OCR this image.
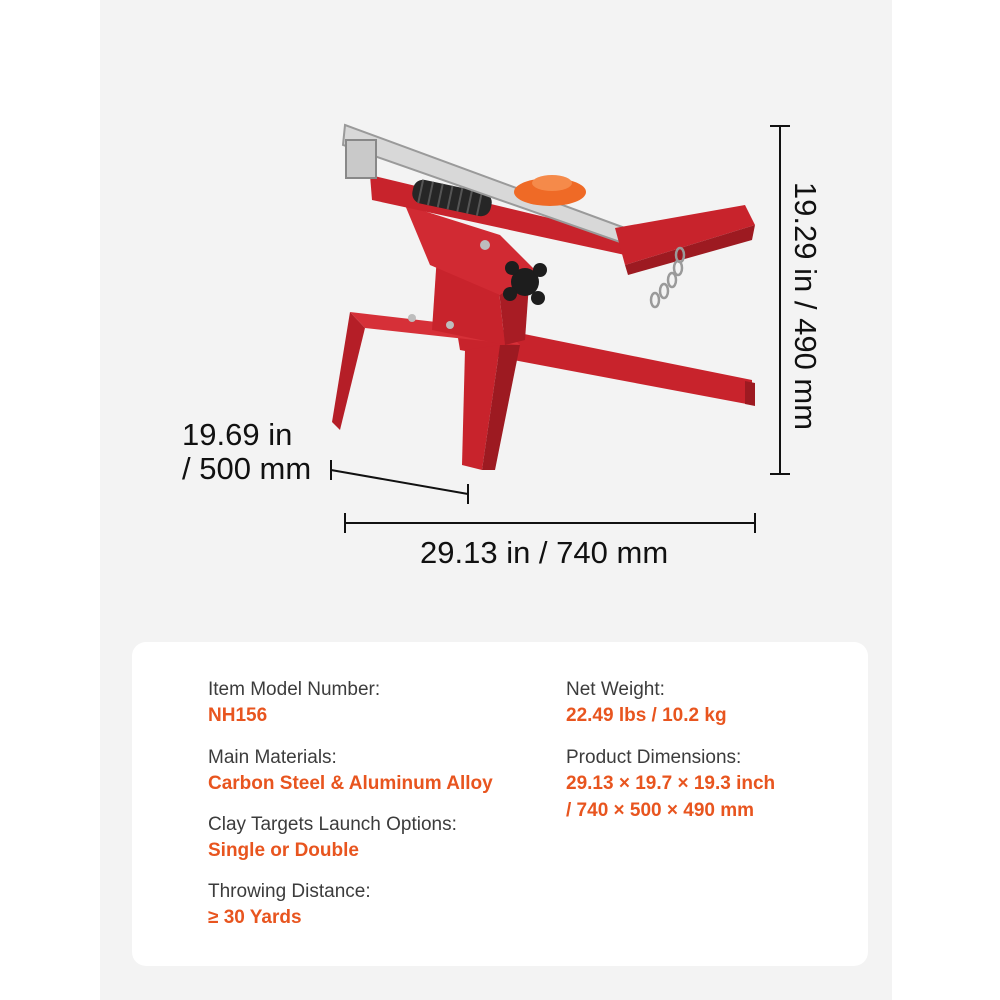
19.69 in
/ 500 mm
29.13 in / 740 mm
19.29 in / 490 mm
Item Model Number:
NH156
Main Materials:
Carbon Steel & Aluminum Alloy
Clay Targets Launch Options:
Single or Double
Throwing Distance:
≥ 30 Yards
Net Weight:
22.49 lbs / 10.2 kg
Product Dimensions:
29.13 × 19.7 × 19.3 inch
/ 740 × 500 × 490 mm
